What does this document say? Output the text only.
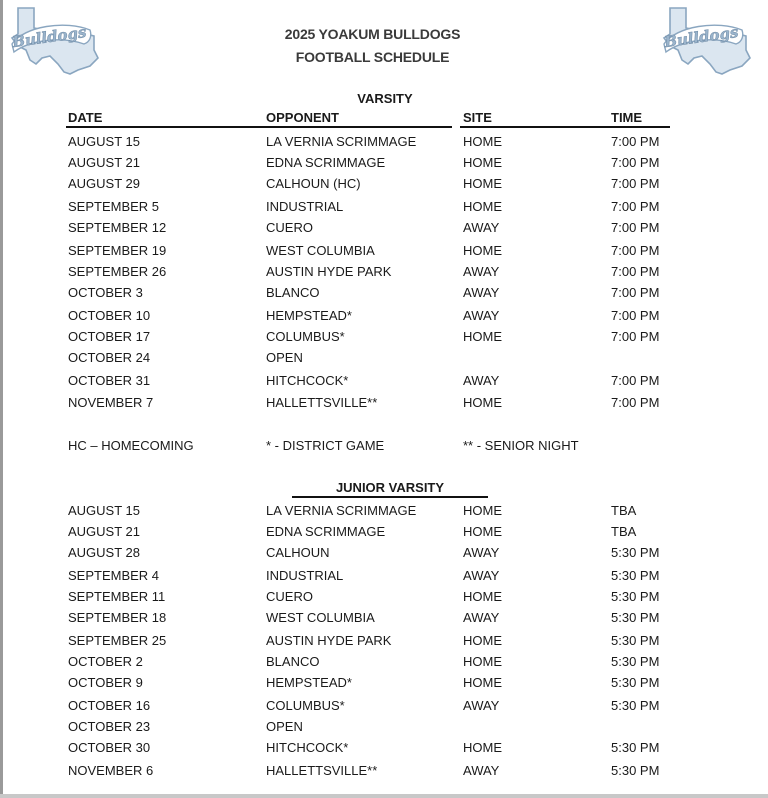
Bulldogs	Bulldogs
2025 YOAKUM BULLDOGS
FOOTBALL SCHEDULE
VARSITY
DATE	OPPONENT	SITE	TIME
AUGUST 15	LA VERNIA SCRIMMAGE	HOME	7:00 PM
AUGUST 21	EDNA SCRIMMAGE	HOME	7:00 PM
AUGUST 29	CALHOUN (HC)	HOME	7:00 PM
SEPTEMBER 5	INDUSTRIAL	HOME	7:00 PM
SEPTEMBER 12	CUERO	AWAY	7:00 PM
SEPTEMBER 19	WEST COLUMBIA	HOME	7:00 PM
SEPTEMBER 26	AUSTIN HYDE PARK	AWAY	7:00 PM
OCTOBER 3	BLANCO	AWAY	7:00 PM
OCTOBER 10	HEMPSTEAD*	AWAY	7:00 PM
OCTOBER 17	COLUMBUS*	HOME	7:00 PM
OCTOBER 24	OPEN
OCTOBER 31	HITCHCOCK*	AWAY	7:00 PM
NOVEMBER 7	HALLETTSVILLE**	HOME	7:00 PM
HC – HOMECOMING	* - DISTRICT GAME	** - SENIOR NIGHT
JUNIOR VARSITY
AUGUST 15	LA VERNIA SCRIMMAGE	HOME	TBA
AUGUST 21	EDNA SCRIMMAGE	HOME	TBA
AUGUST 28	CALHOUN	AWAY	5:30 PM
SEPTEMBER 4	INDUSTRIAL	AWAY	5:30 PM
SEPTEMBER 11	CUERO	HOME	5:30 PM
SEPTEMBER 18	WEST COLUMBIA	AWAY	5:30 PM
SEPTEMBER 25	AUSTIN HYDE PARK	HOME	5:30 PM
OCTOBER 2	BLANCO	HOME	5:30 PM
OCTOBER 9	HEMPSTEAD*	HOME	5:30 PM
OCTOBER 16	COLUMBUS*	AWAY	5:30 PM
OCTOBER 23	OPEN
OCTOBER 30	HITCHCOCK*	HOME	5:30 PM
NOVEMBER 6	HALLETTSVILLE**	AWAY	5:30 PM
